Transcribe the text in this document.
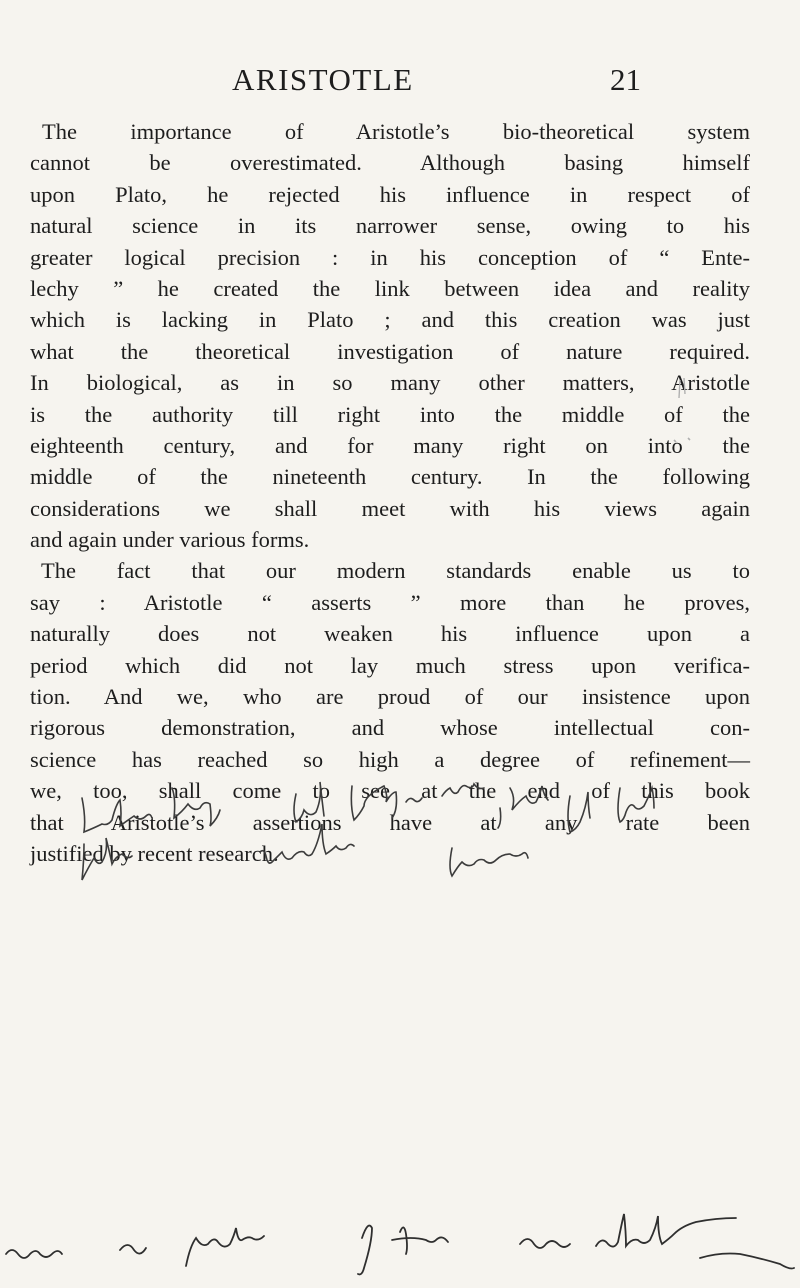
ARISTOTLE	21
The importance of Aristotle’s bio-theoretical system
cannot be overestimated. Although basing himself
upon Plato, he rejected his influence in respect of
natural science in its narrower sense, owing to his
greater logical precision : in his conception of “ Ente-
lechy ” he created the link between idea and reality
which is lacking in Plato ; and this creation was just
what the theoretical investigation of nature required.
In biological, as in so many other matters, Aristotle
is the authority till right into the middle of the
eighteenth century, and for many right on into the
middle of the nineteenth century. In the following
considerations we shall meet with his views again
and again under various forms.
The fact that our modern standards enable us to
say : Aristotle “ asserts ” more than he proves,
naturally does not weaken his influence upon a
period which did not lay much stress upon verifica-
tion. And we, who are proud of our insistence upon
rigorous demonstration, and whose intellectual con-
science has reached so high a degree of refinement—
we, too, shall come to see at the end of this book
that Aristotle’s assertions have at any rate been
justified by recent research.
